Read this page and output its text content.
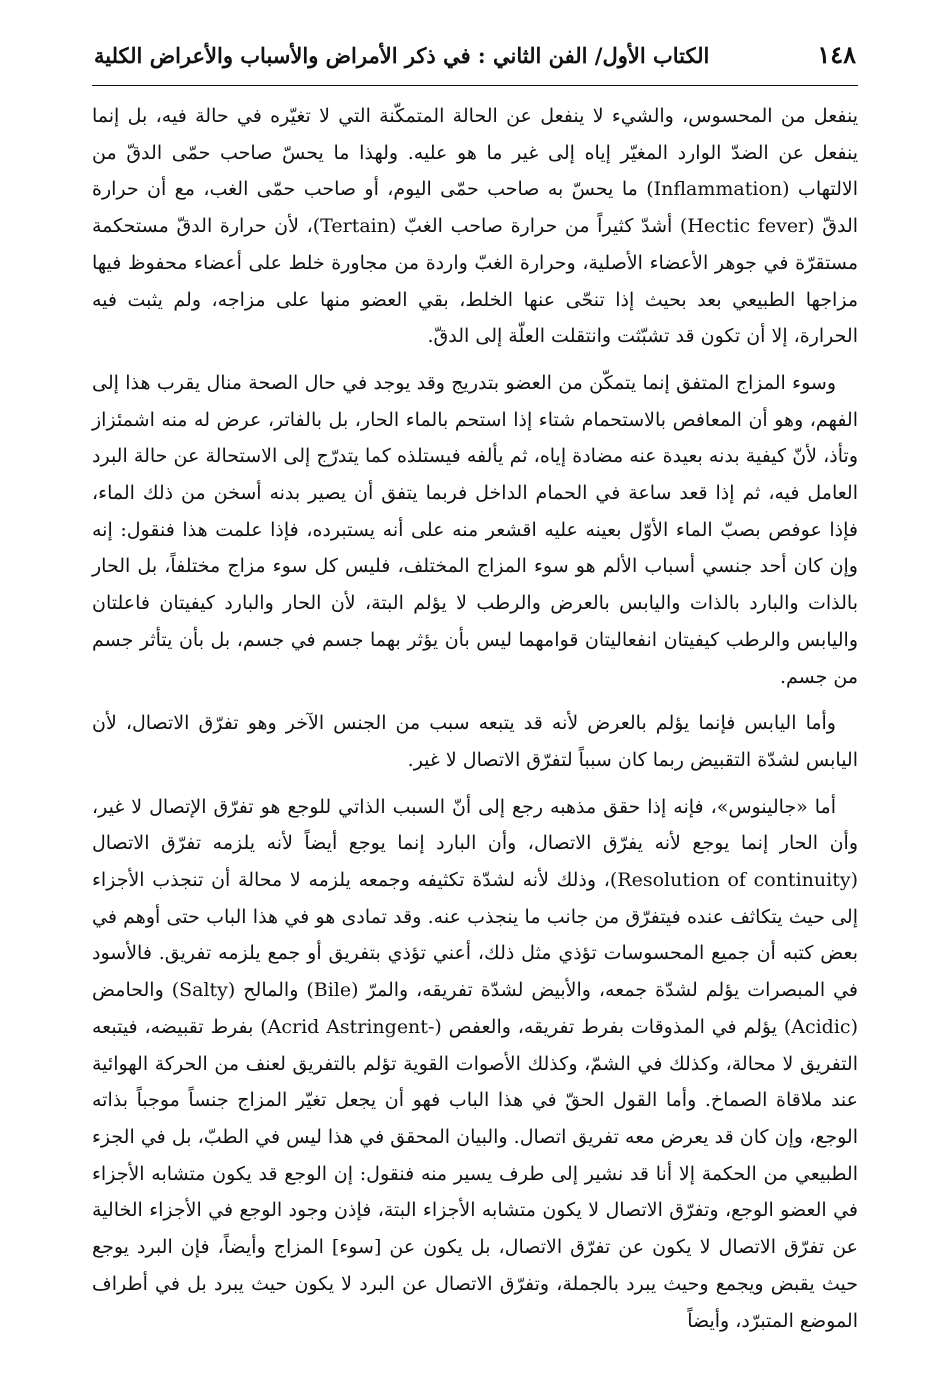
١٤٨
الكتاب الأول/ الفن الثاني : في ذكر الأمراض والأسباب والأعراض الكلية

ينفعل من المحسوس، والشيء لا ينفعل عن الحالة المتمكّنة التي لا تغيّره في حالة فيه، بل إنما ينفعل عن الضدّ الوارد المغيّر إياه إلى غير ما هو عليه. ولهذا ما يحسّ صاحب حمّى الدقّ من الالتهاب (Inflammation) ما يحسّ به صاحب حمّى اليوم، أو صاحب حمّى الغب، مع أن حرارة الدقّ (Hectic fever) أشدّ كثيراً من حرارة صاحب الغبّ (Tertain)، لأن حرارة الدقّ مستحكمة مستقرّة في جوهر الأعضاء الأصلية، وحرارة الغبّ واردة من مجاورة خلط على أعضاء محفوظ فيها مزاجها الطبيعي بعد بحيث إذا تنحّى عنها الخلط، بقي العضو منها على مزاجه، ولم يثبت فيه الحرارة، إلا أن تكون قد تشبّثت وانتقلت العلّة إلى الدقّ.

وسوء المزاج المتفق إنما يتمكّن من العضو بتدريج وقد يوجد في حال الصحة منال يقرب هذا إلى الفهم، وهو أن المعافص بالاستحمام شتاء إذا استحم بالماء الحار، بل بالفاتر، عرض له منه اشمئزاز وتأذ، لأنّ كيفية بدنه بعيدة عنه مضادة إياه، ثم يألفه فيستلذه كما يتدرّج إلى الاستحالة عن حالة البرد العامل فيه، ثم إذا قعد ساعة في الحمام الداخل فربما يتفق أن يصير بدنه أسخن من ذلك الماء، فإذا عوفص بصبّ الماء الأوّل بعينه عليه اقشعر منه على أنه يستبرده، فإذا علمت هذا فنقول: إنه وإن كان أحد جنسي أسباب الألم هو سوء المزاج المختلف، فليس كل سوء مزاج مختلفاً، بل الحار بالذات والبارد بالذات واليابس بالعرض والرطب لا يؤلم البتة، لأن الحار والبارد كيفيتان فاعلتان واليابس والرطب كيفيتان انفعاليتان قوامهما ليس بأن يؤثر بهما جسم في جسم، بل بأن يتأثر جسم من جسم.

وأما اليابس فإنما يؤلم بالعرض لأنه قد يتبعه سبب من الجنس الآخر وهو تفرّق الاتصال، لأن اليابس لشدّة التقبيض ربما كان سبباً لتفرّق الاتصال لا غير.

أما «جالينوس»، فإنه إذا حقق مذهبه رجع إلى أنّ السبب الذاتي للوجع هو تفرّق الإتصال لا غير، وأن الحار إنما يوجع لأنه يفرّق الاتصال، وأن البارد إنما يوجع أيضاً لأنه يلزمه تفرّق الاتصال (Resolution of continuity)، وذلك لأنه لشدّة تكثيفه وجمعه يلزمه لا محالة أن تنجذب الأجزاء إلى حيث يتكاثف عنده فيتفرّق من جانب ما ينجذب عنه. وقد تمادى هو في هذا الباب حتى أوهم في بعض كتبه أن جميع المحسوسات تؤذي مثل ذلك، أعني تؤذي بتفريق أو جمع يلزمه تفريق. فالأسود في المبصرات يؤلم لشدّة جمعه، والأبيض لشدّة تفريقه، والمرّ (Bile) والمالح (Salty) والحامض (Acidic) يؤلم في المذوقات بفرط تفريقه، والعفص (-Acrid Astringent) بفرط تقبيضه، فيتبعه التفريق لا محالة، وكذلك في الشمّ، وكذلك الأصوات القوية تؤلم بالتفريق لعنف من الحركة الهوائية عند ملاقاة الصماخ. وأما القول الحقّ في هذا الباب فهو أن يجعل تغيّر المزاج جنساً موجباً بذاته الوجع، وإن كان قد يعرض معه تفريق اتصال. والبيان المحقق في هذا ليس في الطبّ، بل في الجزء الطبيعي من الحكمة إلا أنا قد نشير إلى طرف يسير منه فنقول: إن الوجع قد يكون متشابه الأجزاء في العضو الوجع، وتفرّق الاتصال لا يكون متشابه الأجزاء البتة، فإذن وجود الوجع في الأجزاء الخالية عن تفرّق الاتصال لا يكون عن تفرّق الاتصال، بل يكون عن [سوء] المزاج وأيضاً، فإن البرد يوجع حيث يقبض ويجمع وحيث يبرد بالجملة، وتفرّق الاتصال عن البرد لا يكون حيث يبرد بل في أطراف الموضع المتبرّد، وأيضاً
